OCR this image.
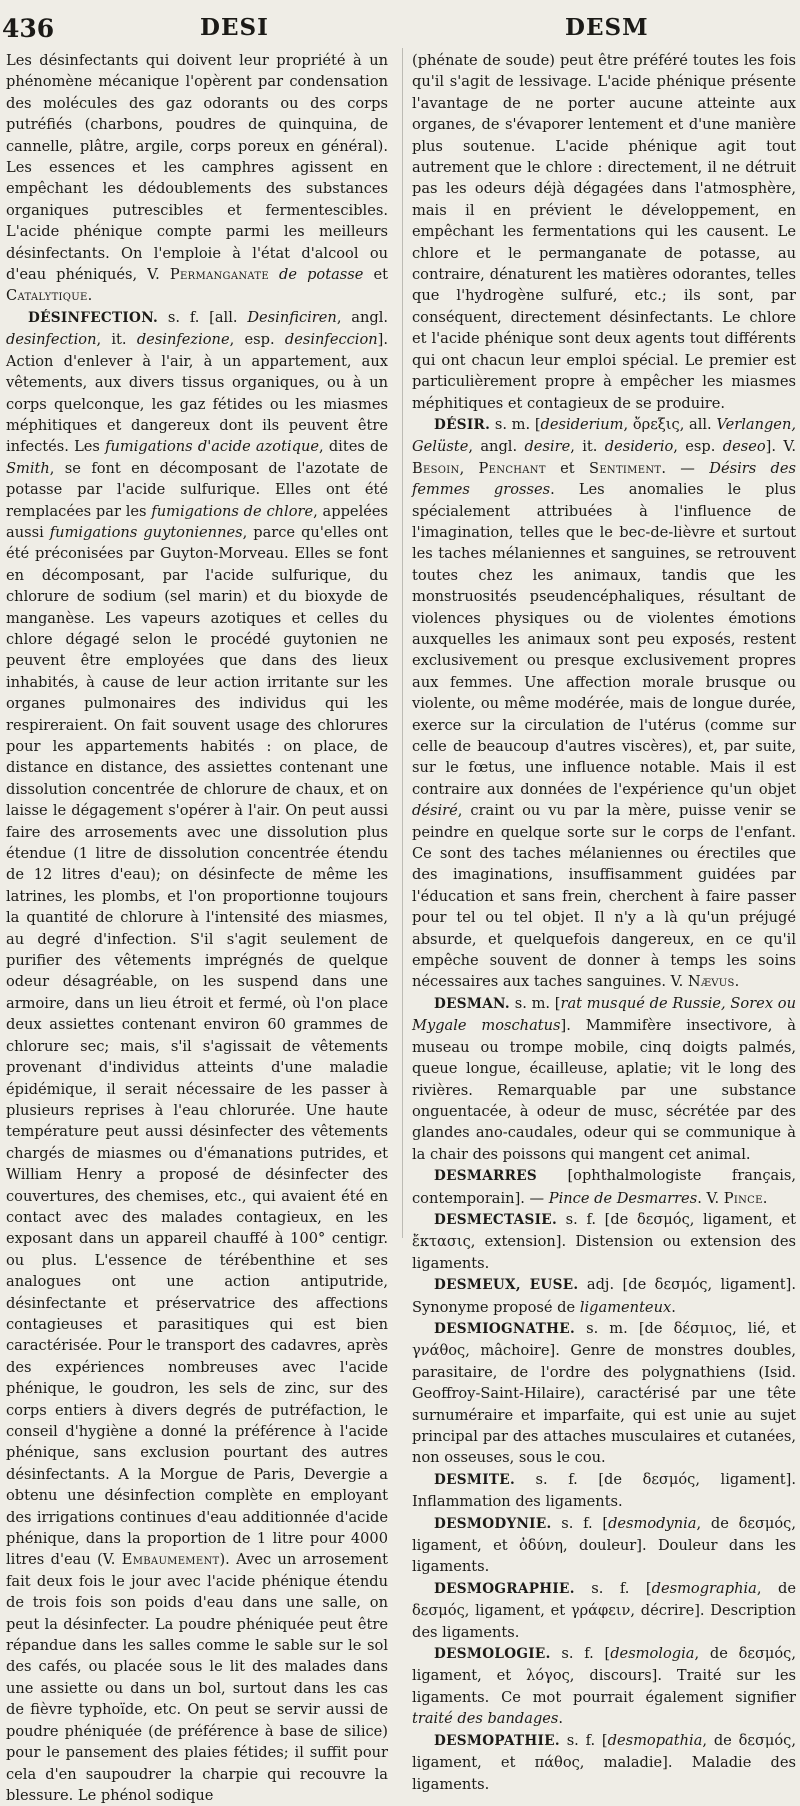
436	DESI	DESM

Les désinfectants qui doivent leur propriété à un phénomène mécanique l'opèrent par condensation des molécules des gaz odorants ou des corps putréfiés (charbons, poudres de quinquina, de cannelle, plâtre, argile, corps poreux en général). Les essences et les camphres agissent en empêchant les dédoublements des substances organiques putrescibles et fermentescibles. L'acide phénique compte parmi les meilleurs désinfectants. On l'emploie à l'état d'alcool ou d'eau phéniqués, V. Permanganate de potasse et Catalytique.

DÉSINFECTION. s. f. [all. Desinficiren, angl. desinfection, it. desinfezione, esp. desinfeccion]. Action d'enlever à l'air, à un appartement, aux vêtements, aux divers tissus organiques, ou à un corps quelconque, les gaz fétides ou les miasmes méphitiques et dangereux dont ils peuvent être infectés. Les fumigations d'acide azotique, dites de Smith, se font en décomposant de l'azotate de potasse par l'acide sulfurique. Elles ont été remplacées par les fumigations de chlore, appelées aussi fumigations guytoniennes, parce qu'elles ont été préconisées par Guyton-Morveau. Elles se font en décomposant, par l'acide sulfurique, du chlorure de sodium (sel marin) et du bioxyde de manganèse. Les vapeurs azotiques et celles du chlore dégagé selon le procédé guytonien ne peuvent être employées que dans des lieux inhabités, à cause de leur action irritante sur les organes pulmonaires des individus qui les respireraient. On fait souvent usage des chlorures pour les appartements habités : on place, de distance en distance, des assiettes contenant une dissolution concentrée de chlorure de chaux, et on laisse le dégagement s'opérer à l'air. On peut aussi faire des arrosements avec une dissolution plus étendue (1 litre de dissolution concentrée étendu de 12 litres d'eau); on désinfecte de même les latrines, les plombs, et l'on proportionne toujours la quantité de chlorure à l'intensité des miasmes, au degré d'infection. S'il s'agit seulement de purifier des vêtements imprégnés de quelque odeur désagréable, on les suspend dans une armoire, dans un lieu étroit et fermé, où l'on place deux assiettes contenant environ 60 grammes de chlorure sec; mais, s'il s'agissait de vêtements provenant d'individus atteints d'une maladie épidémique, il serait nécessaire de les passer à plusieurs reprises à l'eau chlorurée. Une haute température peut aussi désinfecter des vêtements chargés de miasmes ou d'émanations putrides, et William Henry a proposé de désinfecter des couvertures, des chemises, etc., qui avaient été en contact avec des malades contagieux, en les exposant dans un appareil chauffé à 100° centigr. ou plus. L'essence de térébenthine et ses analogues ont une action antiputride, désinfectante et préservatrice des affections contagieuses et parasitiques qui est bien caractérisée. Pour le transport des cadavres, après des expériences nombreuses avec l'acide phénique, le goudron, les sels de zinc, sur des corps entiers à divers degrés de putréfaction, le conseil d'hygiène a donné la préférence à l'acide phénique, sans exclusion pourtant des autres désinfectants. A la Morgue de Paris, Devergie a obtenu une désinfection complète en employant des irrigations continues d'eau additionnée d'acide phénique, dans la proportion de 1 litre pour 4000 litres d'eau (V. Embaumement). Avec un arrosement fait deux fois le jour avec l'acide phénique étendu de trois fois son poids d'eau dans une salle, on peut la désinfecter. La poudre phéniquée peut être répandue dans les salles comme le sable sur le sol des cafés, ou placée sous le lit des malades dans une assiette ou dans un bol, surtout dans les cas de fièvre typhoïde, etc. On peut se servir aussi de poudre phéniquée (de préférence à base de silice) pour le pansement des plaies fétides; il suffit pour cela d'en saupoudrer la charpie qui recouvre la blessure. Le phénol sodique

(phénate de soude) peut être préféré toutes les fois qu'il s'agit de lessivage. L'acide phénique présente l'avantage de ne porter aucune atteinte aux organes, de s'évaporer lentement et d'une manière plus soutenue. L'acide phénique agit tout autrement que le chlore : directement, il ne détruit pas les odeurs déjà dégagées dans l'atmosphère, mais il en prévient le développement, en empêchant les fermentations qui les causent. Le chlore et le permanganate de potasse, au contraire, dénaturent les matières odorantes, telles que l'hydrogène sulfuré, etc.; ils sont, par conséquent, directement désinfectants. Le chlore et l'acide phénique sont deux agents tout différents qui ont chacun leur emploi spécial. Le premier est particulièrement propre à empêcher les miasmes méphitiques et contagieux de se produire.

DÉSIR. s. m. [desiderium, ὄρεξις, all. Verlangen, Gelüste, angl. desire, it. desiderio, esp. deseo]. V. Besoin, Penchant et Sentiment. — Désirs des femmes grosses. Les anomalies le plus spécialement attribuées à l'influence de l'imagination, telles que le bec-de-lièvre et surtout les taches mélaniennes et sanguines, se retrouvent toutes chez les animaux, tandis que les monstruosités pseudencéphaliques, résultant de violences physiques ou de violentes émotions auxquelles les animaux sont peu exposés, restent exclusivement ou presque exclusivement propres aux femmes. Une affection morale brusque ou violente, ou même modérée, mais de longue durée, exerce sur la circulation de l'utérus (comme sur celle de beaucoup d'autres viscères), et, par suite, sur le fœtus, une influence notable. Mais il est contraire aux données de l'expérience qu'un objet désiré, craint ou vu par la mère, puisse venir se peindre en quelque sorte sur le corps de l'enfant. Ce sont des taches mélaniennes ou érectiles que des imaginations, insuffisamment guidées par l'éducation et sans frein, cherchent à faire passer pour tel ou tel objet. Il n'y a là qu'un préjugé absurde, et quelquefois dangereux, en ce qu'il empêche souvent de donner à temps les soins nécessaires aux taches sanguines. V. Nævus.

DESMAN. s. m. [rat musqué de Russie, Sorex ou Mygale moschatus]. Mammifère insectivore, à museau ou trompe mobile, cinq doigts palmés, queue longue, écailleuse, aplatie; vit le long des rivières. Remarquable par une substance onguentacée, à odeur de musc, sécrétée par des glandes ano-caudales, odeur qui se communique à la chair des poissons qui mangent cet animal.

DESMARRES [ophthalmologiste français, contemporain]. — Pince de Desmarres. V. Pince.

DESMECTASIE. s. f. [de δεσμός, ligament, et ἔκτασις, extension]. Distension ou extension des ligaments.

DESMEUX, EUSE. adj. [de δεσμός, ligament]. Synonyme proposé de ligamenteux.

DESMIOGNATHE. s. m. [de δέσμιος, lié, et γνάθος, mâchoire]. Genre de monstres doubles, parasitaire, de l'ordre des polygnathiens (Isid. Geoffroy-Saint-Hilaire), caractérisé par une tête surnuméraire et imparfaite, qui est unie au sujet principal par des attaches musculaires et cutanées, non osseuses, sous le cou.

DESMITE. s. f. [de δεσμός, ligament]. Inflammation des ligaments.

DESMODYNIE. s. f. [desmodynia, de δεσμός, ligament, et ὀδύνη, douleur]. Douleur dans les ligaments.

DESMOGRAPHIE. s. f. [desmographia, de δεσμός, ligament, et γράφειν, décrire]. Description des ligaments.

DESMOLOGIE. s. f. [desmologia, de δεσμός, ligament, et λόγος, discours]. Traité sur les ligaments. Ce mot pourrait également signifier traité des bandages.

DESMOPATHIE. s. f. [desmopathia, de δεσμός, ligament, et πάθος, maladie]. Maladie des ligaments.
